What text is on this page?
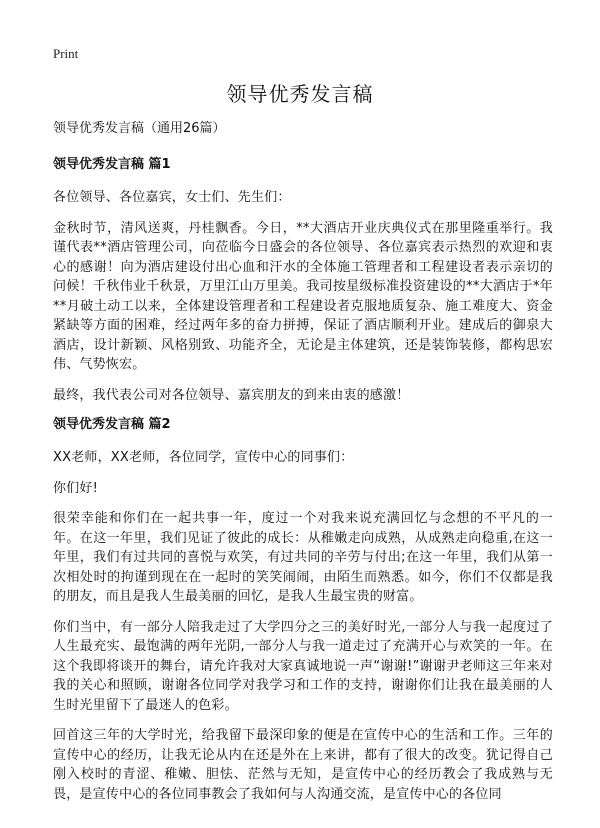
Print
领导优秀发言稿

领导优秀发言稿（通用26篇）

领导优秀发言稿 篇1

各位领导、各位嘉宾，女士们、先生们：

金秋时节，清风送爽，丹桂飘香。今日，**大酒店开业庆典仪式在那里隆重举行。我谨代表**酒店管理公司，向莅临今日盛会的各位领导、各位嘉宾表示热烈的欢迎和衷心的感谢！向为酒店建设付出心血和汗水的全体施工管理者和工程建设者表示亲切的问候！千秋伟业千秋景，万里江山万里美。我司按星级标准投资建设的**大酒店于*年**月破土动工以来，全体建设管理者和工程建设者克服地质复杂、施工难度大、资金紧缺等方面的困难，经过两年多的奋力拼搏，保证了酒店顺利开业。建成后的御泉大酒店，设计新颖、风格别致、功能齐全，无论是主体建筑，还是装饰装修，都构思宏伟、气势恢宏。

最终，我代表公司对各位领导、嘉宾朋友的到来由衷的感激！

领导优秀发言稿 篇2

XX老师，XX老师，各位同学，宣传中心的同事们：

你们好!

很荣幸能和你们在一起共事一年，度过一个对我来说充满回忆与念想的不平凡的一年。在这一年里，我们见证了彼此的成长：从稚嫩走向成熟，从成熟走向稳重,在这一年里，我们有过共同的喜悦与欢笑，有过共同的辛劳与付出;在这一年里，我们从第一次相处时的拘谨到现在在一起时的笑笑闹闹，由陌生而熟悉。如今，你们不仅都是我的朋友，而且是我人生最美丽的回忆，是我人生最宝贵的财富。

你们当中，有一部分人陪我走过了大学四分之三的美好时光,一部分人与我一起度过了人生最充实、最饱满的两年光阴,一部分人与我一道走过了充满开心与欢笑的一年。在这个我即将谈开的舞台，请允许我对大家真诚地说一声“谢谢!”谢谢尹老师这三年来对我的关心和照顾，谢谢各位同学对我学习和工作的支持，谢谢你们让我在最美丽的人生时光里留下了最迷人的色彩。

回首这三年的大学时光，给我留下最深印象的便是在宣传中心的生活和工作。三年的宣传中心的经历，让我无论从内在还是外在上来讲，都有了很大的改变。犹记得自己刚入校时的青涩、稚嫩、胆怯、茫然与无知，是宣传中心的经历教会了我成熟与无畏，是宣传中心的各位同事教会了我如何与人沟通交流，是宣传中心的各位同
